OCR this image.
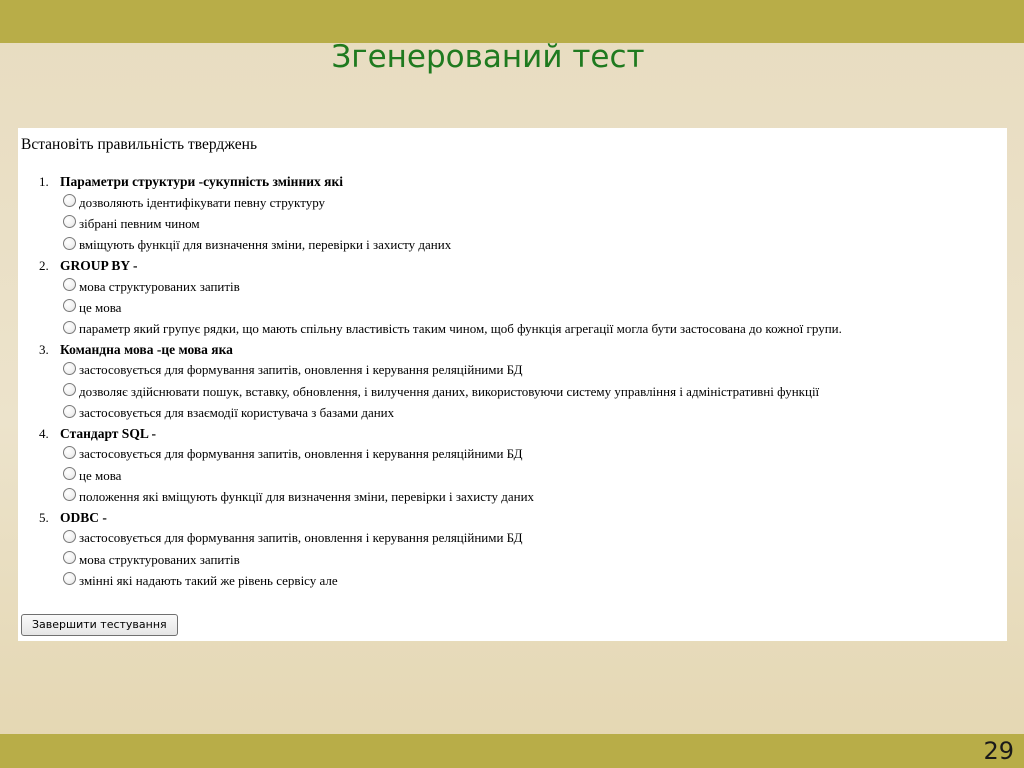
Згенерований тест
Встановіть правильність тверджень
1. Параметри структури -сукупність змінних які
дозволяють ідентифікувати певну структуру
зібрані певним чином
вміщують функції для визначення зміни, перевірки і захисту даних
2. GROUP BY -
мова структурованих запитів
це мова
параметр який групує рядки, що мають спільну властивість таким чином, щоб функція агрегації могла бути застосована до кожної групи.
3. Командна мова -це мова яка
застосовується для формування запитів, оновлення і керування реляційними БД
дозволяє здійснювати пошук, вставку, обновлення, і вилучення даних, використовуючи систему управління і адміністративні функції
застосовується для взаємодії користувача з базами даних
4. Стандарт SQL -
застосовується для формування запитів, оновлення і керування реляційними БД
це мова
положення які вміщують функції для визначення зміни, перевірки і захисту даних
5. ODBC -
застосовується для формування запитів, оновлення і керування реляційними БД
мова структурованих запитів
змінні які надають такий же рівень сервісу але
Завершити тестування
29
